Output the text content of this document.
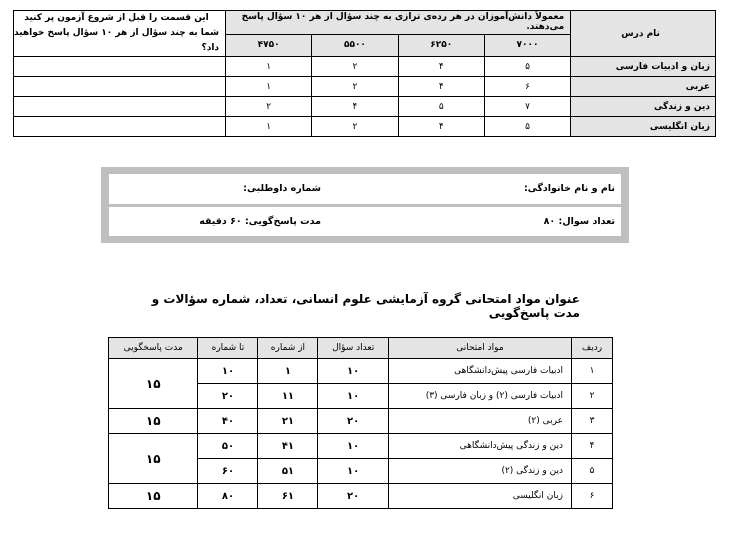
نام درس	معمولاً دانش‌آموزان در هر رده‌ی ترازی به چند سؤال از هر ۱۰ سؤال پاسخ می‌دهند.				این قسمت را قبل از شروع آزمون پر کنید
شما به چند سؤال از هر ۱۰ سؤال پاسخ خواهید داد؟

	۷۰۰۰	۶۲۵۰	۵۵۰۰	۴۷۵۰	
زبان و ادبیات فارسی	۵	۴	۲	۱	
عربی	۶	۴	۲	۱	
دین و زندگی	۷	۵	۴	۲	
زبان انگلیسی	۵	۴	۲	۱	
نام و نام خانوادگی:
شماره داوطلبی:
تعداد سوال: ۸۰
مدت پاسخ‌گویی: ۶۰ دقیقه
عنوان مواد امتحانی گروه آزمایشی علوم انسانی، تعداد، شماره سؤالات و مدت پاسخ‌گویی
ردیف	مواد امتحانی	تعداد سؤال	از شماره	تا شماره	مدت پاسخگویی
۱	ادبیات فارسی پیش‌دانشگاهی	۱۰	۱	۱۰	۱۵
۲	ادبیات فارسی (۲) و زبان فارسی (۳)	۱۰	۱۱	۲۰	
۳	عربی (۲)	۲۰	۲۱	۴۰	۱۵
۴	دین و زندگی پیش‌دانشگاهی	۱۰	۴۱	۵۰	۱۵
۵	دین و زندگی (۲)	۱۰	۵۱	۶۰	
۶	زبان انگلیسی	۲۰	۶۱	۸۰	۱۵
